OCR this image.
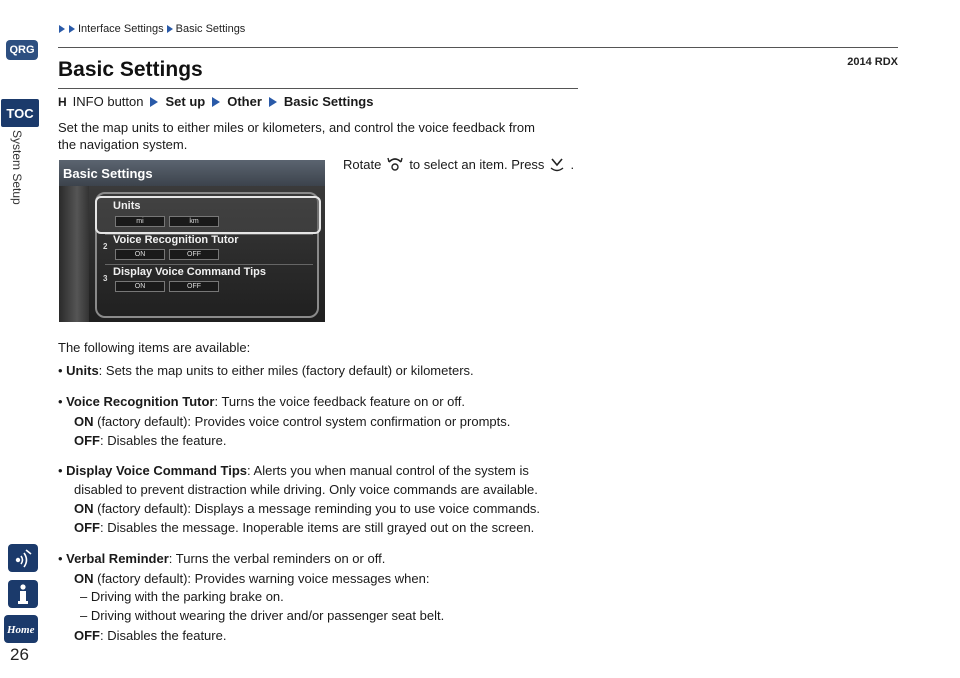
QRG
TOC
System Setup
Home
26
Interface Settings Basic Settings
2014 RDX
Basic Settings
H INFO button Set up Other Basic Settings
Set the map units to either miles or kilometers, and control the voice feedback from
the navigation system.
Rotate to select an item. Press .
Basic Settings
Units
mi	km
2
Voice Recognition Tutor
ON	OFF
3
Display Voice Command Tips
ON	OFF
The following items are available:
• Units: Sets the map units to either miles (factory default) or kilometers.
• Voice Recognition Tutor: Turns the voice feedback feature on or off.
ON (factory default): Provides voice control system confirmation or prompts.
OFF: Disables the feature.
• Display Voice Command Tips: Alerts you when manual control of the system is
disabled to prevent distraction while driving. Only voice commands are available.
ON (factory default): Displays a message reminding you to use voice commands.
OFF: Disables the message. Inoperable items are still grayed out on the screen.
• Verbal Reminder: Turns the verbal reminders on or off.
ON (factory default): Provides warning voice messages when:
– Driving with the parking brake on.
– Driving without wearing the driver and/or passenger seat belt.
OFF: Disables the feature.
